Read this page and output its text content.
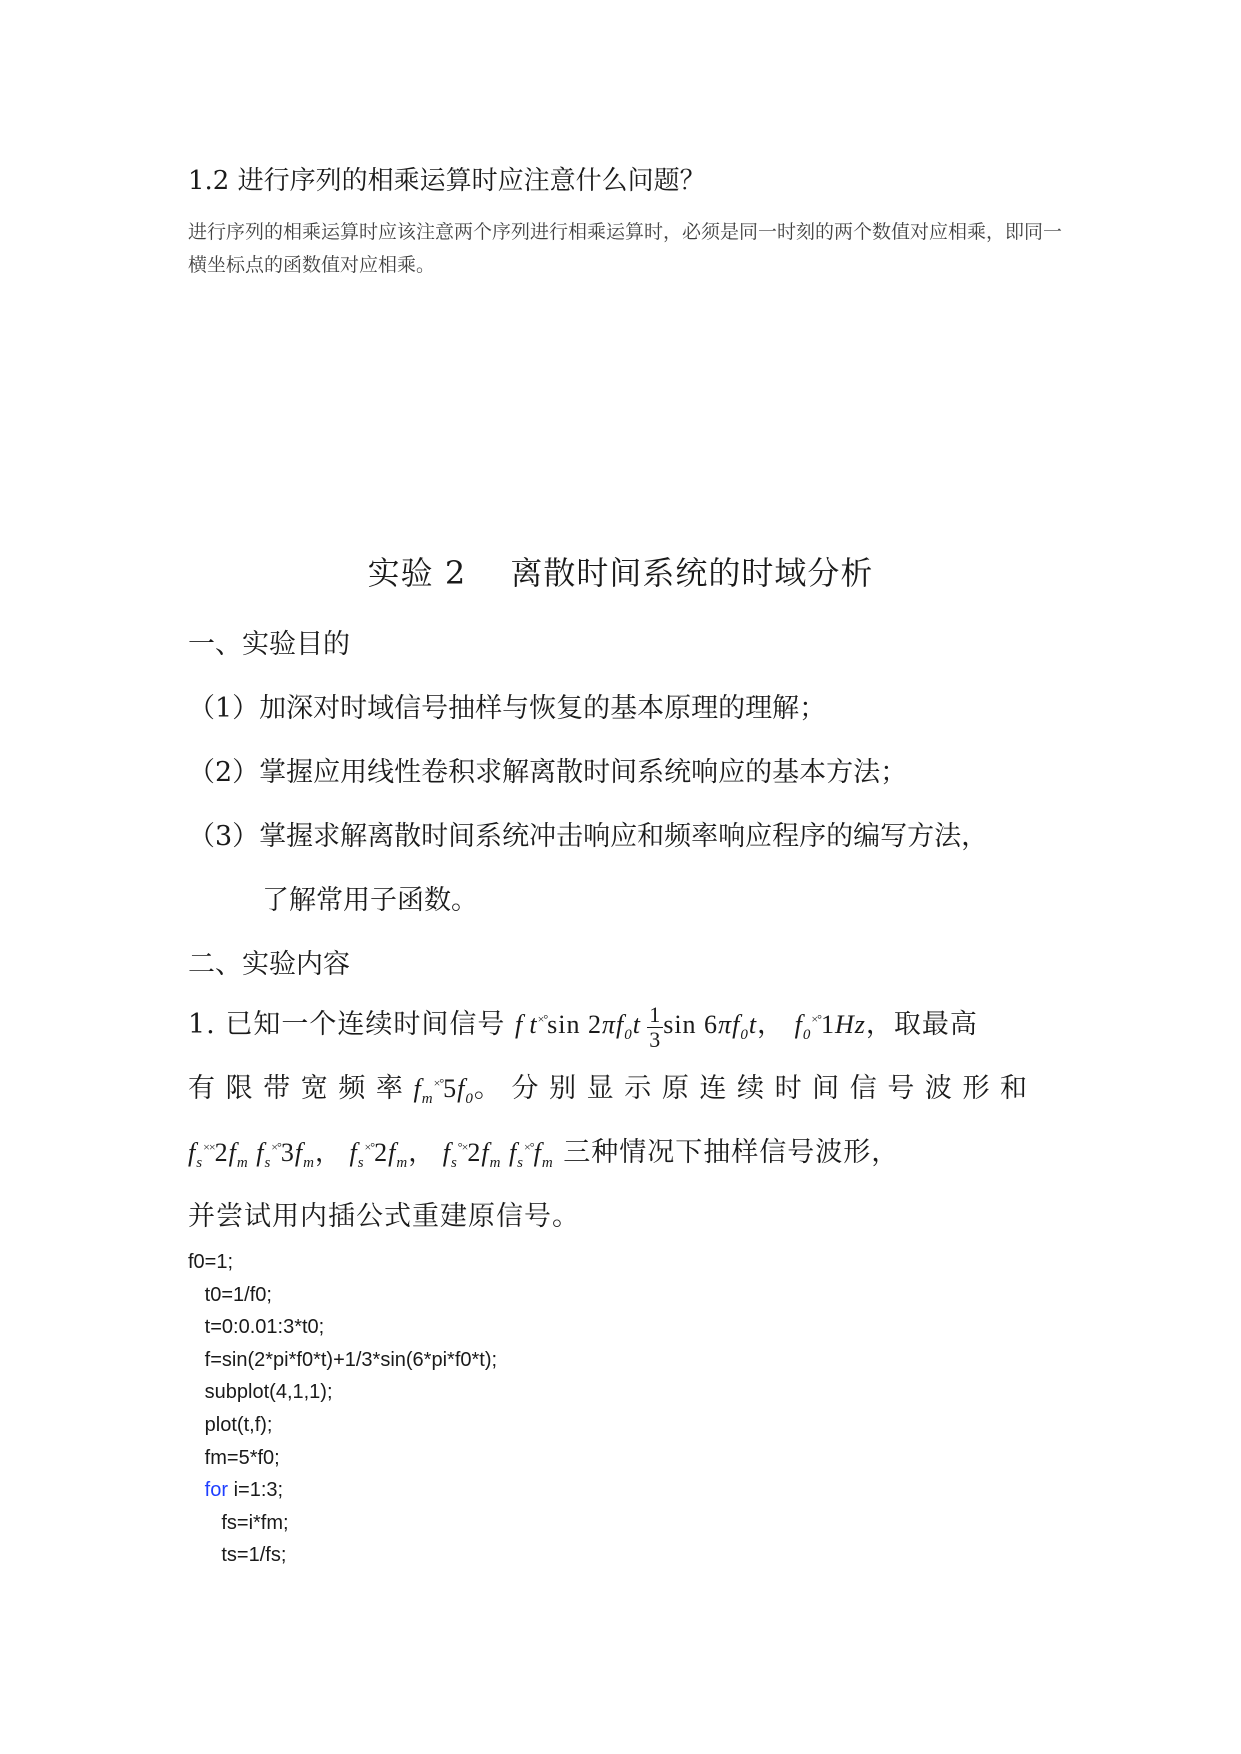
1.2 进行序列的相乘运算时应注意什么问题？
进行序列的相乘运算时应该注意两个序列进行相乘运算时，必须是同一时刻的两个数值对应相乘，即同一横坐标点的函数值对应相乘。
实验 2　 离散时间系统的时域分析
一、实验目的
（1）加深对时域信号抽样与恢复的基本原理的理解；
（2）掌握应用线性卷积求解离散时间系统响应的基本方法；
（3）掌握求解离散时间系统冲击响应和频率响应程序的编写方法，
了解常用子函数。
二、实验内容
1. 已知一个连续时间信号 f t×°sin $2\pi f_0t \frac{1}{3}$ $\sin 6\pi f_0t$， $f_0^{\times^\circ}1Hz$，取最高
有 限 带 宽 频 率 $f_m^{\times^\circ}5f_0$。 分 别 显 示 原 连 续 时 间 信 号 波 形 和
$f_s^{\times\times}2f_m$ $f_s^{\times^\circ}3f_m$， $f_s^{\times^\circ}2f_m$， $f_s^{^\circ\times}2f_m$ $f_s^{\times^\circ}f_m$ 三种情况下抽样信号波形，
并尝试用内插公式重建原信号。
f0=1;
t0=1/f0;
t=0:0.01:3*t0;
f=sin(2*pi*f0*t)+1/3*sin(6*pi*f0*t);
subplot(4,1,1);
plot(t,f);
fm=5*f0;
for i=1:3;
fs=i*fm;
ts=1/fs;
